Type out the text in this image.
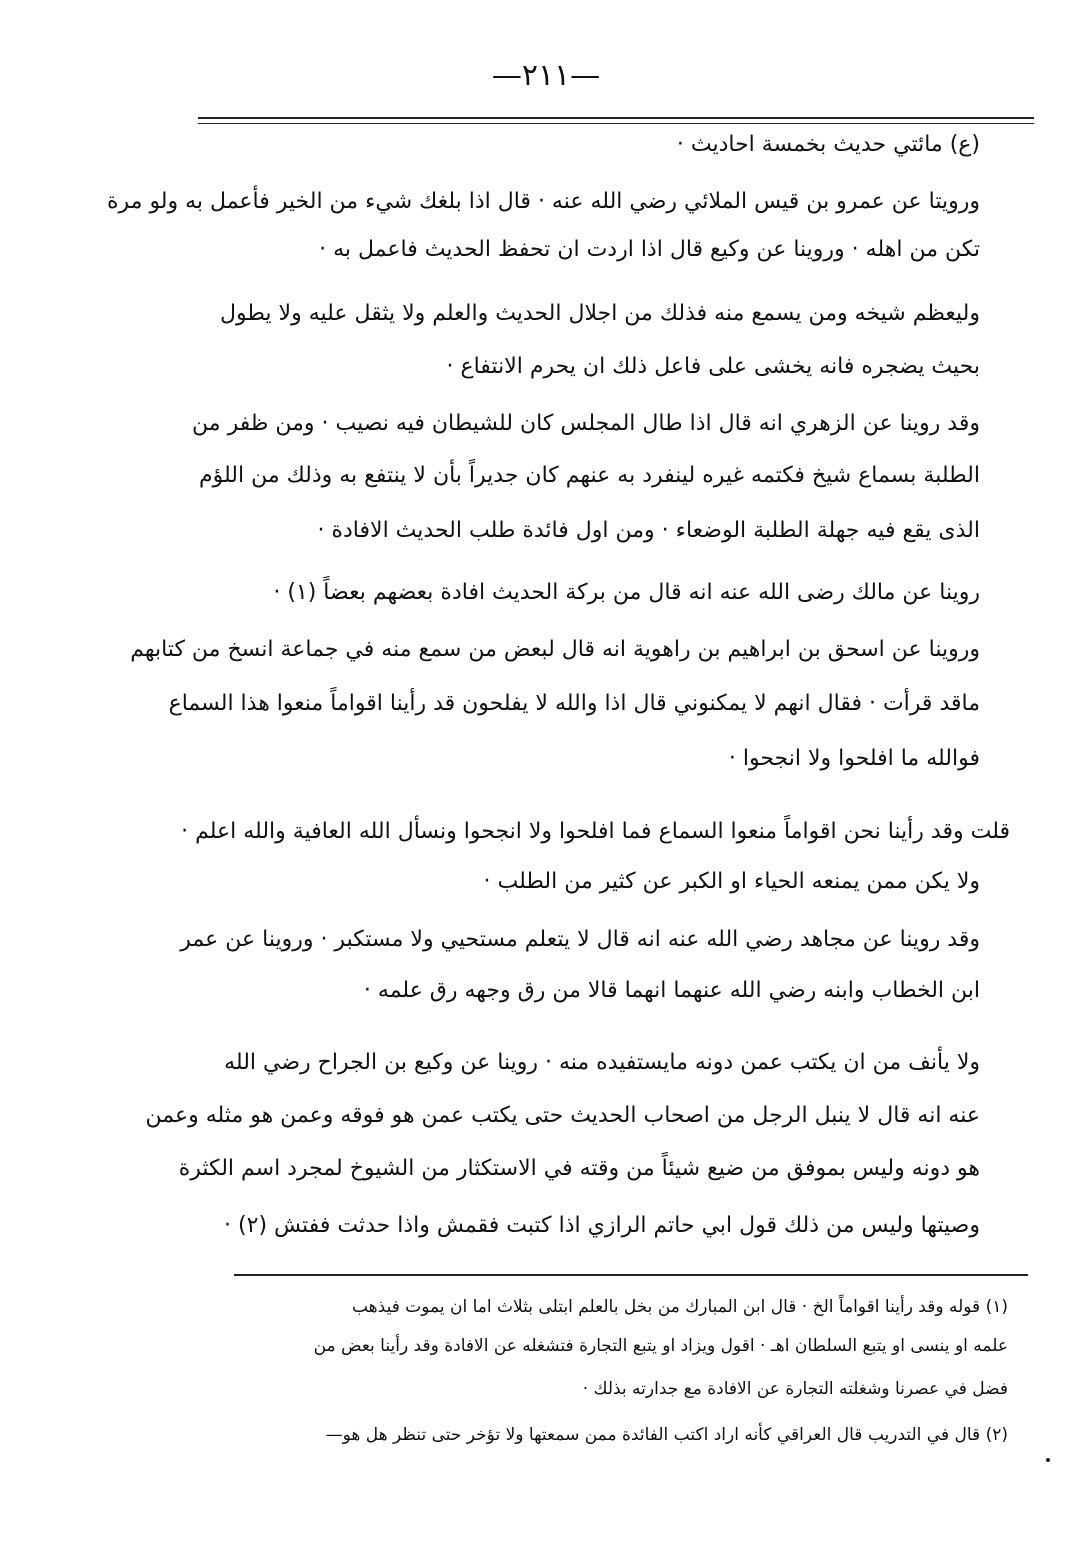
—٢١١—
(ع) مائتي حديث بخمسة احاديث ·
ورويتا عن عمرو بن قيس الملائي رضي الله عنه · قال اذا بلغك شيء من الخير فأعمل به ولو مرة
تكن من اهله · وروينا عن وكيع قال اذا اردت ان تحفظ الحديث فاعمل به ·
وليعظم شيخه ومن يسمع منه فذلك من اجلال الحديث والعلم ولا يثقل عليه ولا يطول
بحيث يضجره فانه يخشى على فاعل ذلك ان يحرم الانتفاع ·
وقد روينا عن الزهري انه قال اذا طال المجلس كان للشيطان فيه نصيب · ومن ظفر من
الطلبة بسماع شيخ فكتمه غيره لينفرد به عنهم كان جديراً بأن لا ينتفع به وذلك من اللؤم
الذى يقع فيه جهلة الطلبة الوضعاء · ومن اول فائدة طلب الحديث الافادة ·
روينا عن مالك رضى الله عنه انه قال من بركة الحديث افادة بعضهم بعضاً (١) ·
وروينا عن اسحق بن ابراهيم بن راهوية انه قال لبعض من سمع منه في جماعة انسخ من كتابهم
ماقد قرأت · فقال انهم لا يمكنوني قال اذا والله لا يفلحون قد رأينا اقواماً منعوا هذا السماع
فوالله ما افلحوا ولا انجحوا ·
قلت وقد رأينا نحن اقواماً منعوا السماع فما افلحوا ولا انجحوا ونسأل الله العافية والله اعلم ·
ولا يكن ممن يمنعه الحياء او الكبر عن كثير من الطلب ·
وقد روينا عن مجاهد رضي الله عنه انه قال لا يتعلم مستحيي ولا مستكبر · وروينا عن عمر
ابن الخطاب وابنه رضي الله عنهما انهما قالا من رق وجهه رق علمه ·
ولا يأنف من ان يكتب عمن دونه مايستفيده منه · روينا عن وكيع بن الجراح رضي الله
عنه انه قال لا ينبل الرجل من اصحاب الحديث حتى يكتب عمن هو فوقه وعمن هو مثله وعمن
هو دونه وليس بموفق من ضيع شيئاً من وقته في الاستكثار من الشيوخ لمجرد اسم الكثرة
وصيتها وليس من ذلك قول ابي حاتم الرازي اذا كتبت فقمش واذا حدثت ففتش (٢) ·
(١) قوله وقد رأينا اقواماً الخ · قال ابن المبارك من بخل بالعلم ابتلى بثلاث اما ان يموت فيذهب
علمه او ينسى او يتبع السلطان اهـ · اقول ويزاد او يتبع التجارة فتشغله عن الافادة وقد رأينا بعض من
فضل في عصرنا وشغلته التجارة عن الافادة مع جدارته بذلك ·
(٢) قال في التدريب قال العراقي كأنه اراد اكتب الفائدة ممن سمعتها ولا تؤخر حتى تنظر هل هو—
